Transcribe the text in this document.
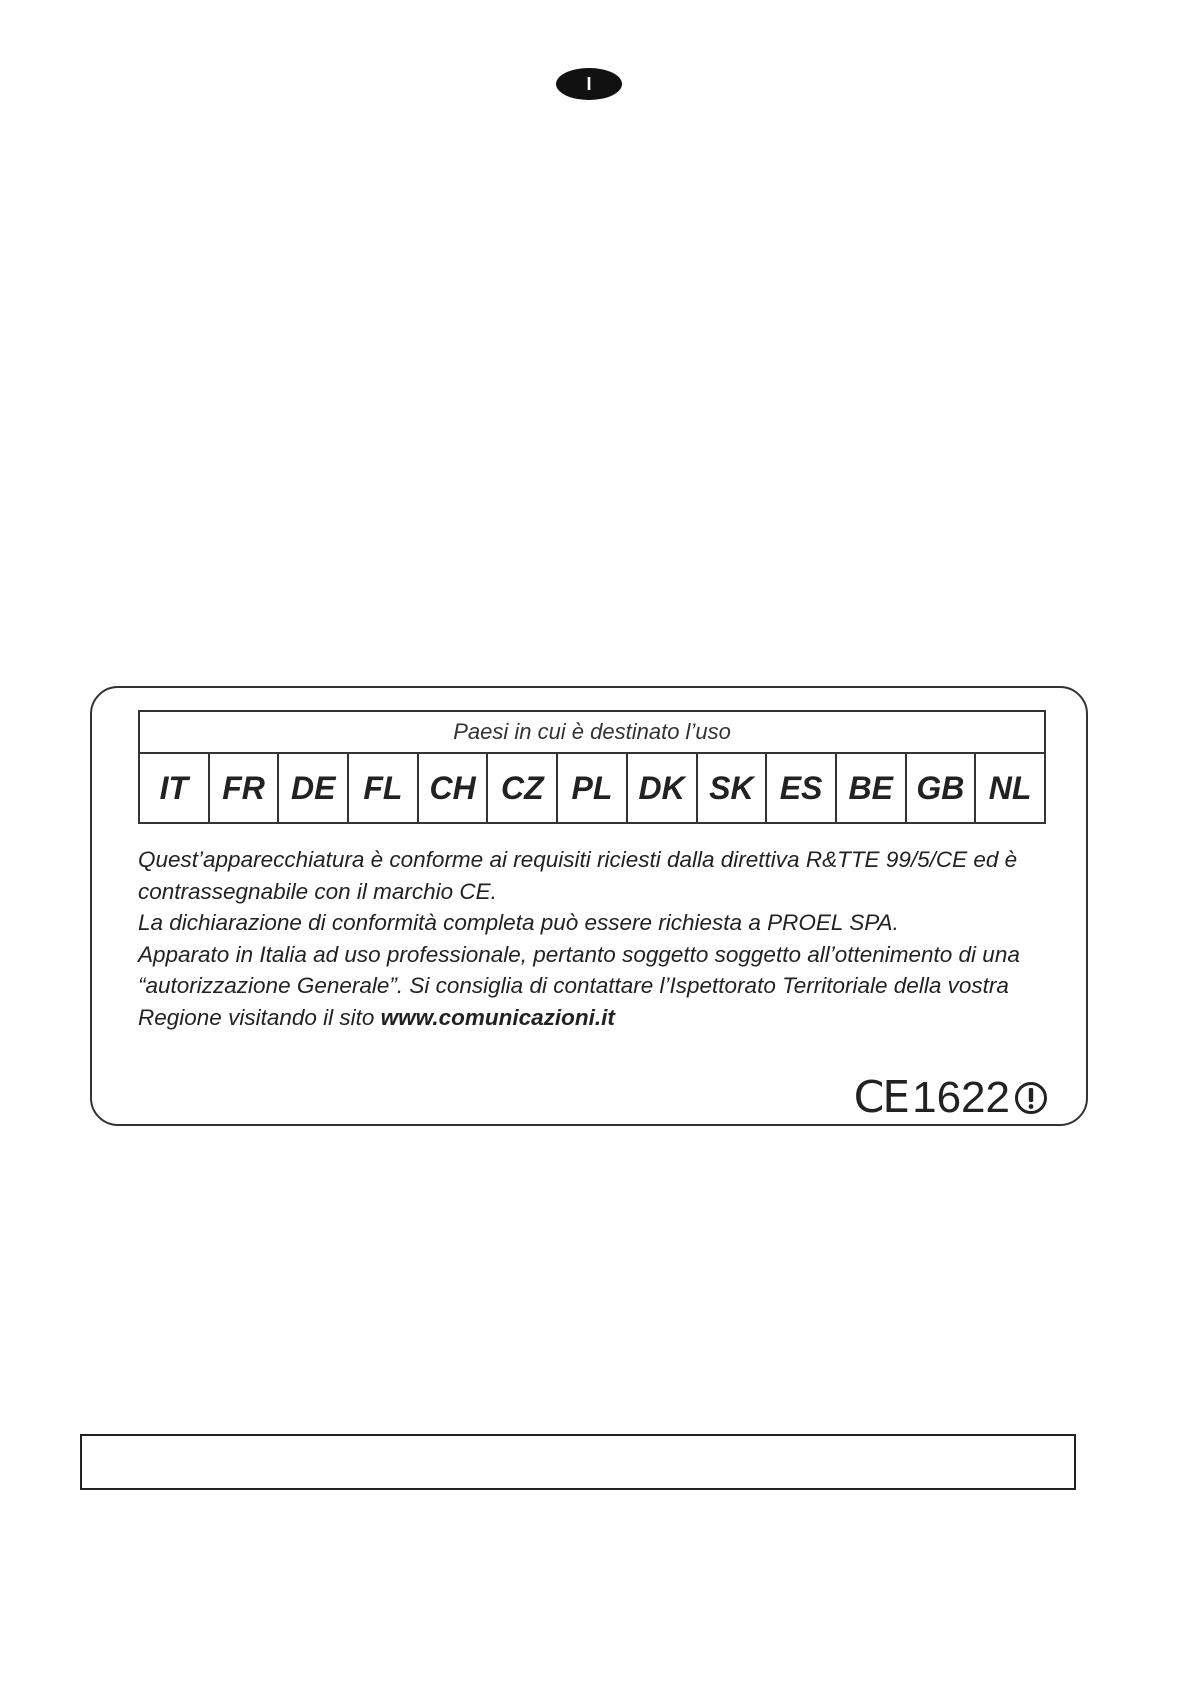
I
Paesi in cui è destinato l’uso
IT	FR DE FL CH CZ PL DK SK ES BE GB NL

Quest’apparecchiatura è conforme ai requisiti riciesti dalla direttiva R&TTE 99/5/CE ed è contrassegnabile con il marchio CE.

La dichiarazione di conformità completa può essere richiesta a PROEL SPA.

Apparato in Italia ad uso professionale, pertanto soggetto soggetto all’ottenimento di una “autorizzazione Generale”. Si consiglia di contattare l’Ispettorato Territoriale della vostra Regione visitando il sito www.comunicazioni.it

CE 1622
